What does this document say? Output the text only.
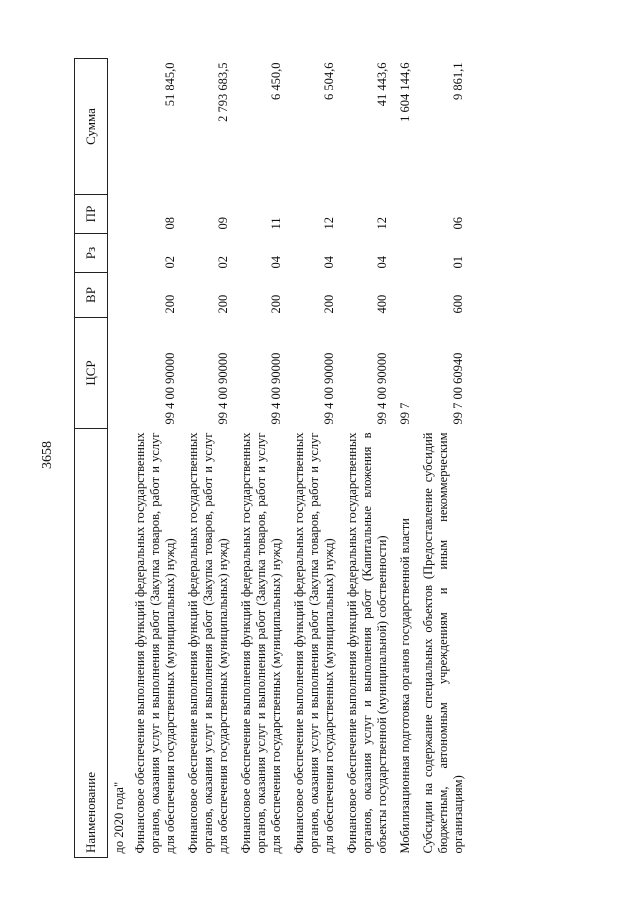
3658
Наименование	ЦСР	ВР	Рз	ПР	Сумма
до 2020 года"					
Финансовое обеспечение выполнения функций федеральных государственных органов, оказания услуг и выполнения работ (Закупка товаров, работ и услуг для обеспечения государственных (муниципальных) нужд)	99 4 00 90000	200	02	08	51 845,0
Финансовое обеспечение выполнения функций федеральных государственных органов, оказания услуг и выполнения работ (Закупка товаров, работ и услуг для обеспечения государственных (муниципальных) нужд)	99 4 00 90000	200	02	09	2 793 683,5
Финансовое обеспечение выполнения функций федеральных государственных органов, оказания услуг и выполнения работ (Закупка товаров, работ и услуг для обеспечения государственных (муниципальных) нужд)	99 4 00 90000	200	04	11	6 450,0
Финансовое обеспечение выполнения функций федеральных государственных органов, оказания услуг и выполнения работ (Закупка товаров, работ и услуг для обеспечения государственных (муниципальных) нужд)	99 4 00 90000	200	04	12	6 504,6
Финансовое обеспечение выполнения функций федеральных государственных органов, оказания услуг и выполнения работ (Капитальные вложения в объекты государственной (муниципальной) собственности)	99 4 00 90000	400	04	12	41 443,6
Мобилизационная подготовка органов государственной власти	99 7				1 604 144,6
Субсидии на содержание специальных объектов (Предоставление субсидий бюджетным, автономным учреждениям и иным некоммерческим организациям)	99 7 00 60940	600	01	06	9 861,1
